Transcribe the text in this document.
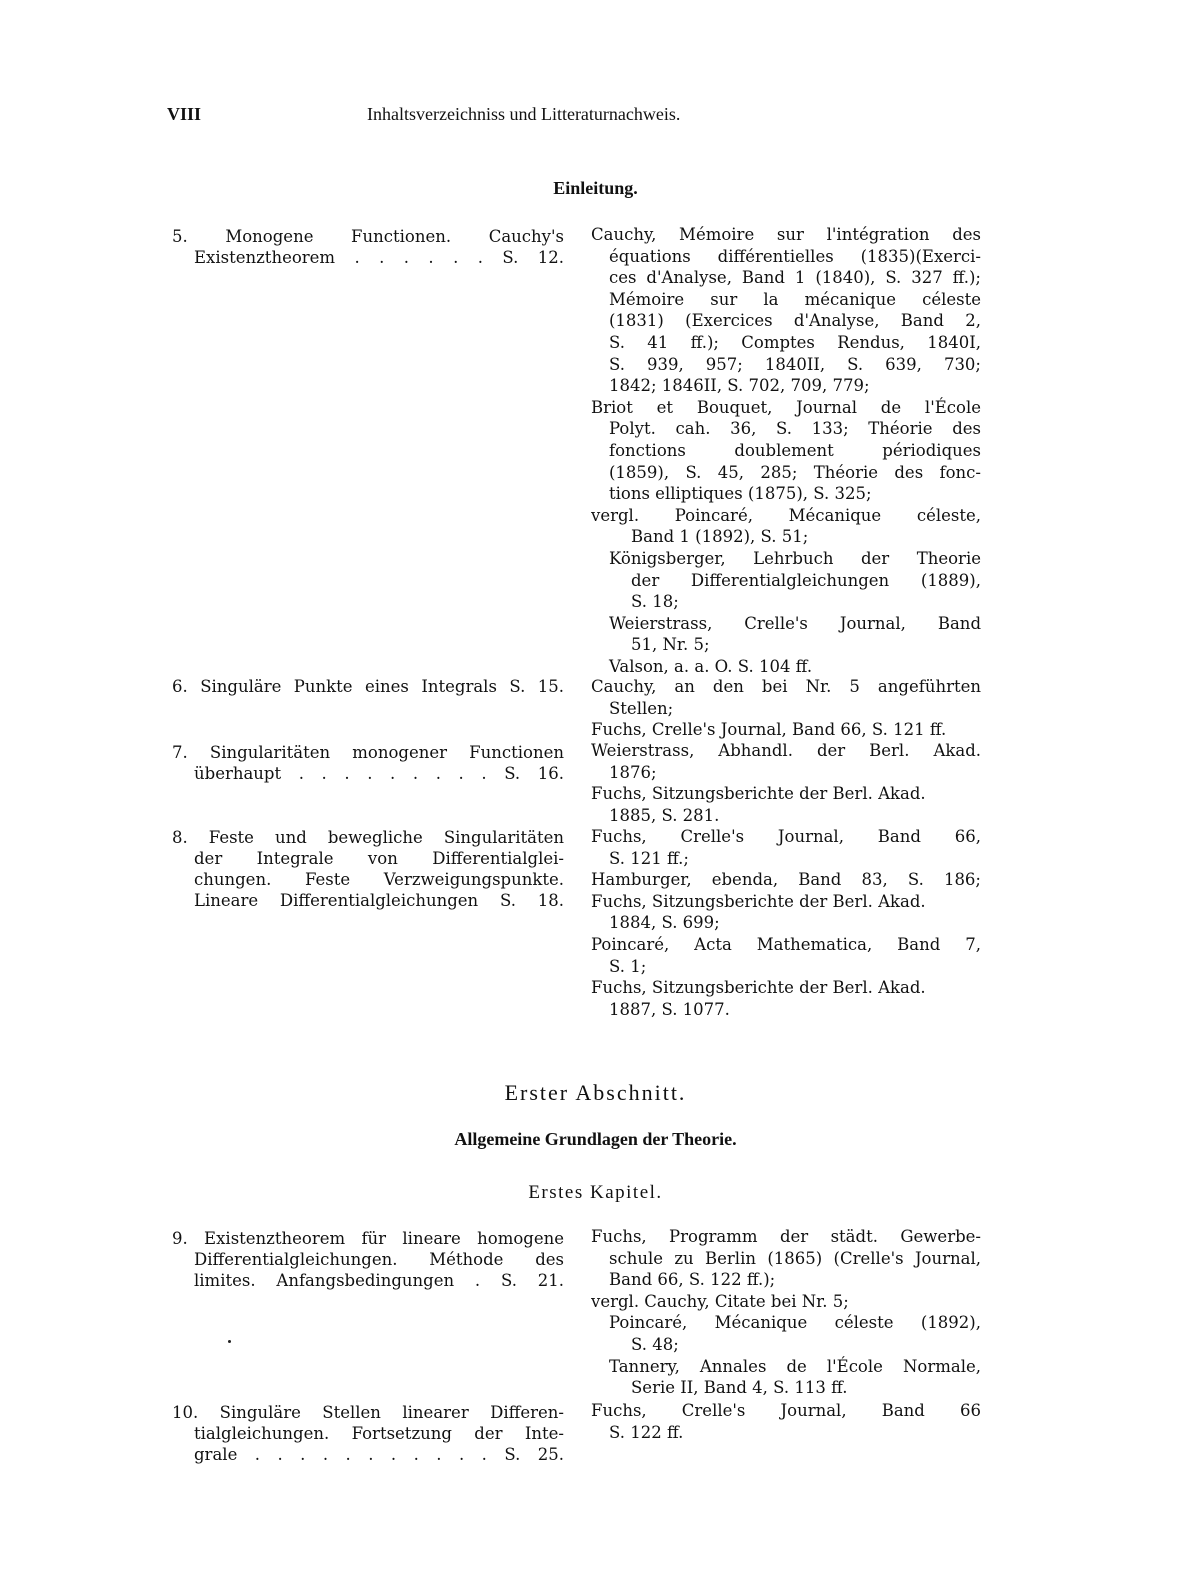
VIII	Inhaltsverzeichniss und Litteraturnachweis.
Einleitung.
5. Monogene Functionen. Cauchy's
Existenztheorem . . . . . . S. 12.
Cauchy, Mémoire sur l'intégration des
équations différentielles (1835)(Exerci-
ces d'Analyse, Band 1 (1840), S. 327 ff.);
Mémoire sur la mécanique céleste
(1831) (Exercices d'Analyse, Band 2,
S. 41 ff.); Comptes Rendus, 1840I,
S. 939, 957; 1840II, S. 639, 730;
1842; 1846II, S. 702, 709, 779;
Briot et Bouquet, Journal de l'École
Polyt. cah. 36, S. 133; Théorie des
fonctions doublement périodiques
(1859), S. 45, 285; Théorie des fonc-
tions elliptiques (1875), S. 325;
vergl. Poincaré, Mécanique céleste,
Band 1 (1892), S. 51;
Königsberger, Lehrbuch der Theorie
der Differentialgleichungen (1889),
S. 18;
Weierstrass, Crelle's Journal, Band
51, Nr. 5;
Valson, a. a. O. S. 104 ff.
6. Singuläre Punkte eines Integrals S. 15. Cauchy, an den bei Nr. 5 angeführten
Stellen;
Fuchs, Crelle's Journal, Band 66, S. 121 ff.
7. Singularitäten monogener Functionen
überhaupt . . . . . . . . . S. 16.
Weierstrass, Abhandl. der Berl. Akad.
1876;
Fuchs, Sitzungsberichte der Berl. Akad.
1885, S. 281.
8. Feste und bewegliche Singularitäten
der Integrale von Differentialglei-
chungen. Feste Verzweigungspunkte.
Lineare Differentialgleichungen S. 18.
Fuchs, Crelle's Journal, Band 66,
S. 121 ff.;
Hamburger, ebenda, Band 83, S. 186;
Fuchs, Sitzungsberichte der Berl. Akad.
1884, S. 699;
Poincaré, Acta Mathematica, Band 7,
S. 1;
Fuchs, Sitzungsberichte der Berl. Akad.
1887, S. 1077.
Erster Abschnitt.
Allgemeine Grundlagen der Theorie.
Erstes Kapitel.
9. Existenztheorem für lineare homogene
Differentialgleichungen. Méthode des
limites. Anfangsbedingungen . S. 21.
Fuchs, Programm der städt. Gewerbe-
schule zu Berlin (1865) (Crelle's Journal,
Band 66, S. 122 ff.);
vergl. Cauchy, Citate bei Nr. 5;
Poincaré, Mécanique céleste (1892),
S. 48;
Tannery, Annales de l'École Normale,
Serie II, Band 4, S. 113 ff.
10. Singuläre Stellen linearer Differen-
tialgleichungen. Fortsetzung der Inte-
grale . . . . . . . . . . . S. 25.
Fuchs, Crelle's Journal, Band 66
S. 122 ff.
